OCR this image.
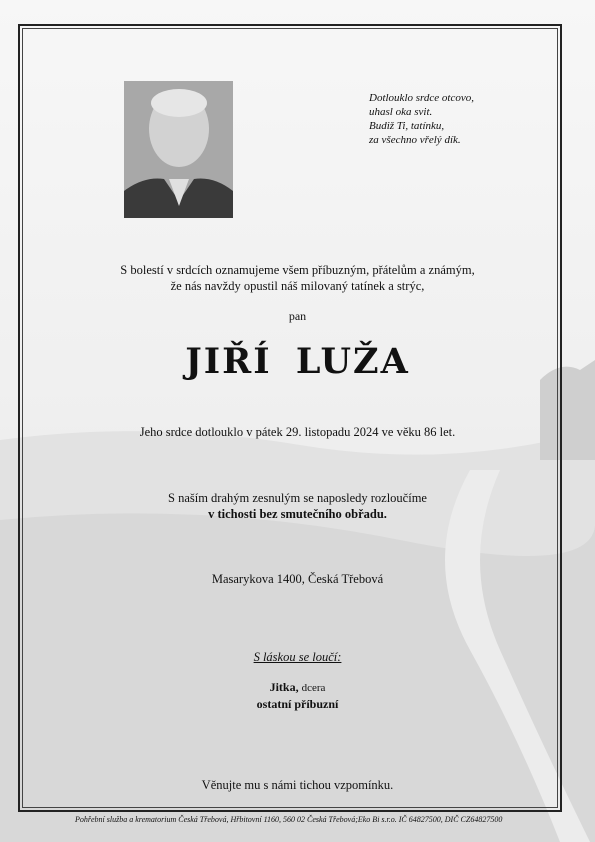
Dotlouklo srdce otcovo,
uhasl oka svit.
Budiž Ti, tatínku,
za všechno vřelý dík.
S bolestí v srdcích oznamujeme všem příbuzným, přátelům a známým,
že nás navždy opustil náš milovaný tatínek a strýc,
pan
JIŘÍ LUŽA
Jeho srdce dotlouklo v pátek 29. listopadu 2024 ve věku 86 let.
S naším drahým zesnulým se naposledy rozloučíme
v tichosti bez smutečního obřadu.
Masarykova 1400, Česká Třebová
S láskou se loučí:
Jitka, dcera
ostatní příbuzní
Věnujte mu s námi tichou vzpomínku.
Pohřební služba a krematorium Česká Třebová, Hřbitovní 1160, 560 02 Česká Třebová;Eko Bi s.r.o. IČ 64827500, DIČ CZ64827500
